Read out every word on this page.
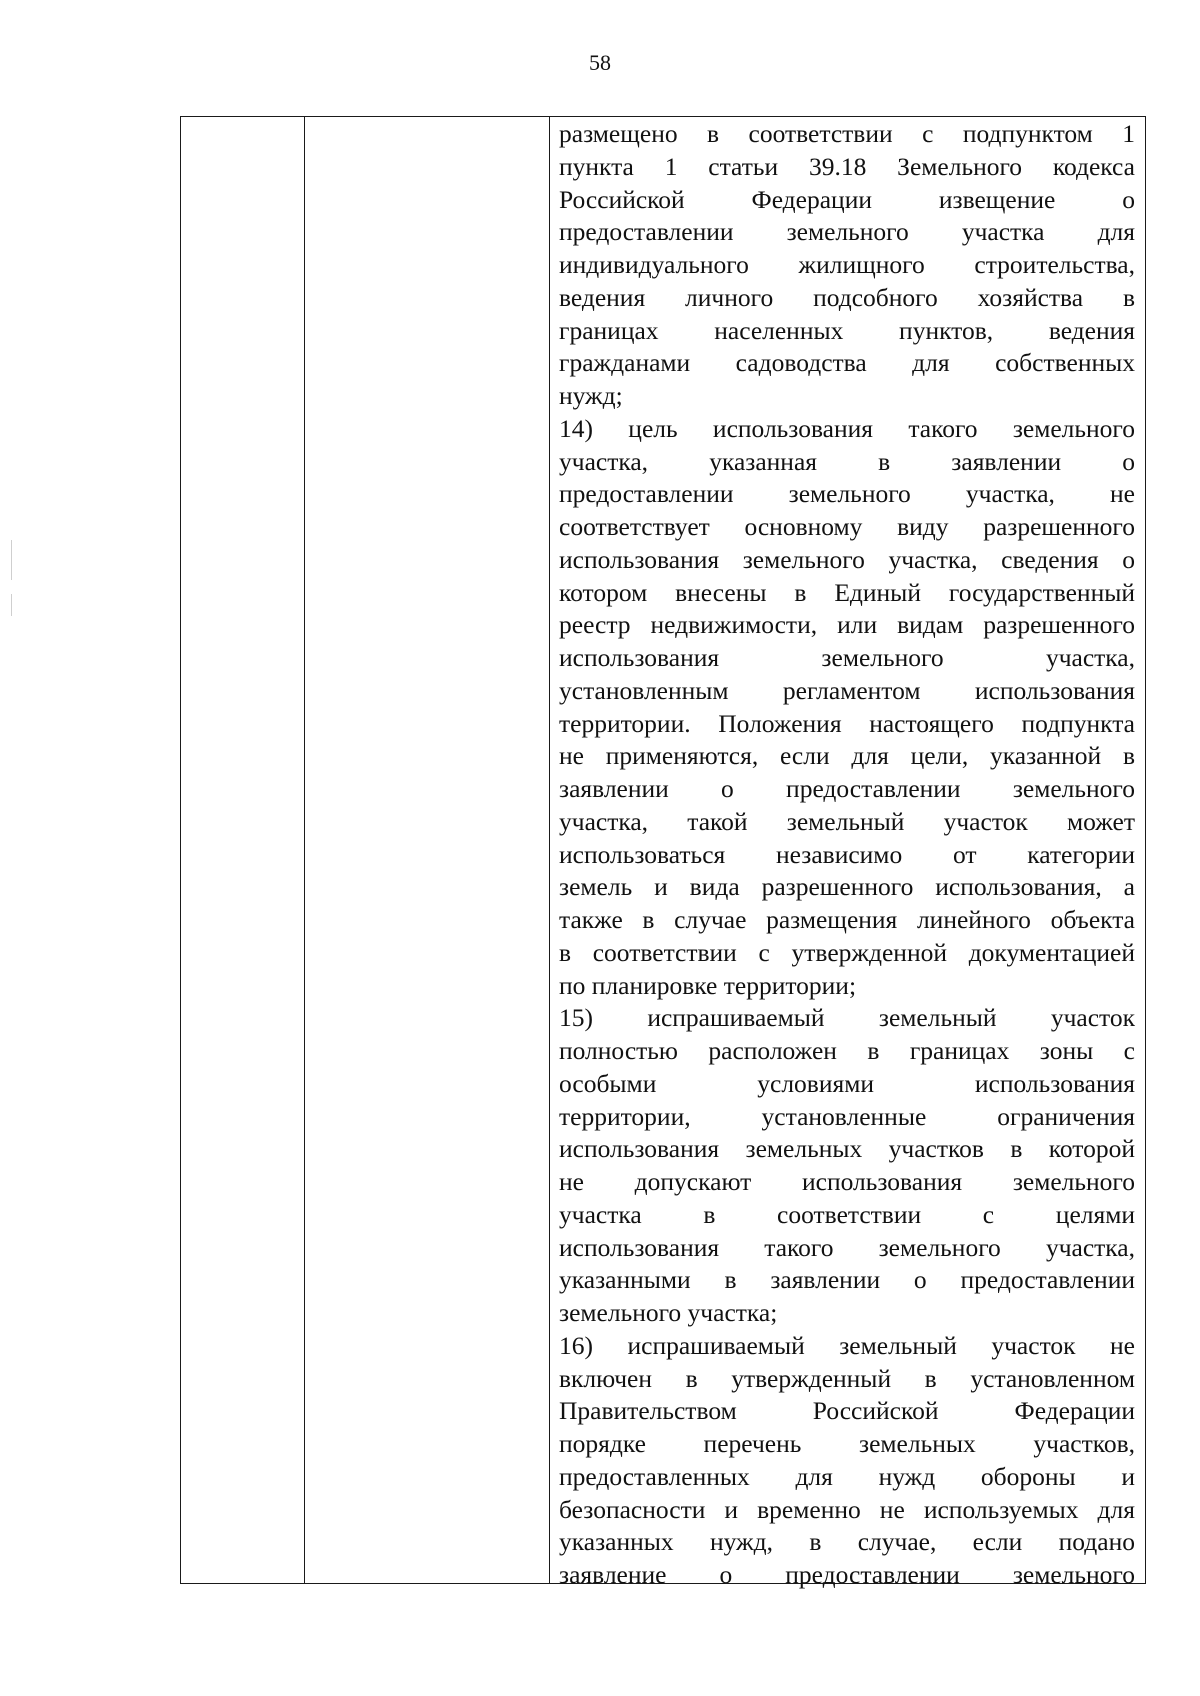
58
размещено в соответствии с подпунктом 1
пункта 1 статьи 39.18 Земельного кодекса
Российской Федерации извещение о
предоставлении земельного участка для
индивидуального жилищного строительства,
ведения личного подсобного хозяйства в
границах населенных пунктов, ведения
гражданами садоводства для собственных
нужд;
14) цель использования такого земельного
участка, указанная в заявлении о
предоставлении земельного участка, не
соответствует основному виду разрешенного
использования земельного участка, сведения о
котором внесены в Единый государственный
реестр недвижимости, или видам разрешенного
использования земельного участка,
установленным регламентом использования
территории. Положения настоящего подпункта
не применяются, если для цели, указанной в
заявлении о предоставлении земельного
участка, такой земельный участок может
использоваться независимо от категории
земель и вида разрешенного использования, а
также в случае размещения линейного объекта
в соответствии с утвержденной документацией
по планировке территории;
15) испрашиваемый земельный участок
полностью расположен в границах зоны с
особыми условиями использования
территории, установленные ограничения
использования земельных участков в которой
не допускают использования земельного
участка в соответствии с целями
использования такого земельного участка,
указанными в заявлении о предоставлении
земельного участка;
16) испрашиваемый земельный участок не
включен в утвержденный в установленном
Правительством Российской Федерации
порядке перечень земельных участков,
предоставленных для нужд обороны и
безопасности и временно не используемых для
указанных нужд, в случае, если подано
заявление о предоставлении земельного
